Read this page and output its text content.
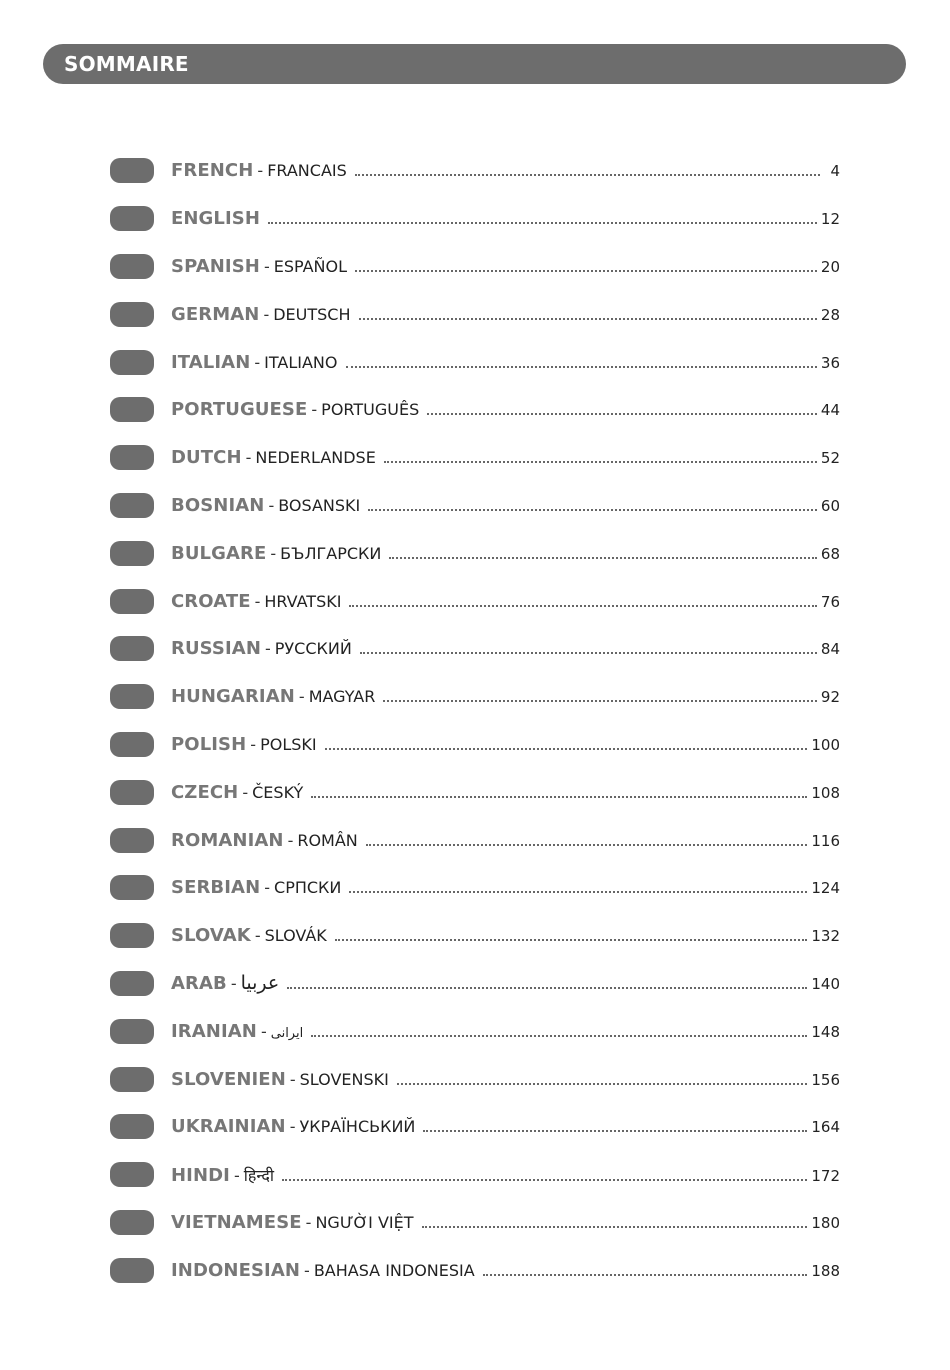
SOMMAIRE
FRENCH - FRANCAIS	4
ENGLISH	12
SPANISH - ESPAÑOL	20
GERMAN - DEUTSCH	28
ITALIAN - ITALIANO	36
PORTUGUESE - PORTUGUÊS	44
DUTCH - NEDERLANDSE	52
BOSNIAN - BOSANSKI	60
BULGARE - БЪЛГАРСКИ	68
CROATE - HRVATSKI	76
RUSSIAN - РУССКИЙ	84
HUNGARIAN - MAGYAR	92
POLISH - POLSKI	100
CZECH - ČESKÝ	108
ROMANIAN - ROMÂN	116
SERBIAN - СРПСКИ	124
SLOVAK - SLOVÁK	132
ARAB - عربيا	140
IRANIAN - ايرانى	148
SLOVENIEN - SLOVENSKI	156
UKRAINIAN - УКРАЇНСЬКИЙ	164
HINDI - हिन्दी	172
VIETNAMESE - NGƯỜI VIỆT	180
INDONESIAN - BAHASA INDONESIA	188
